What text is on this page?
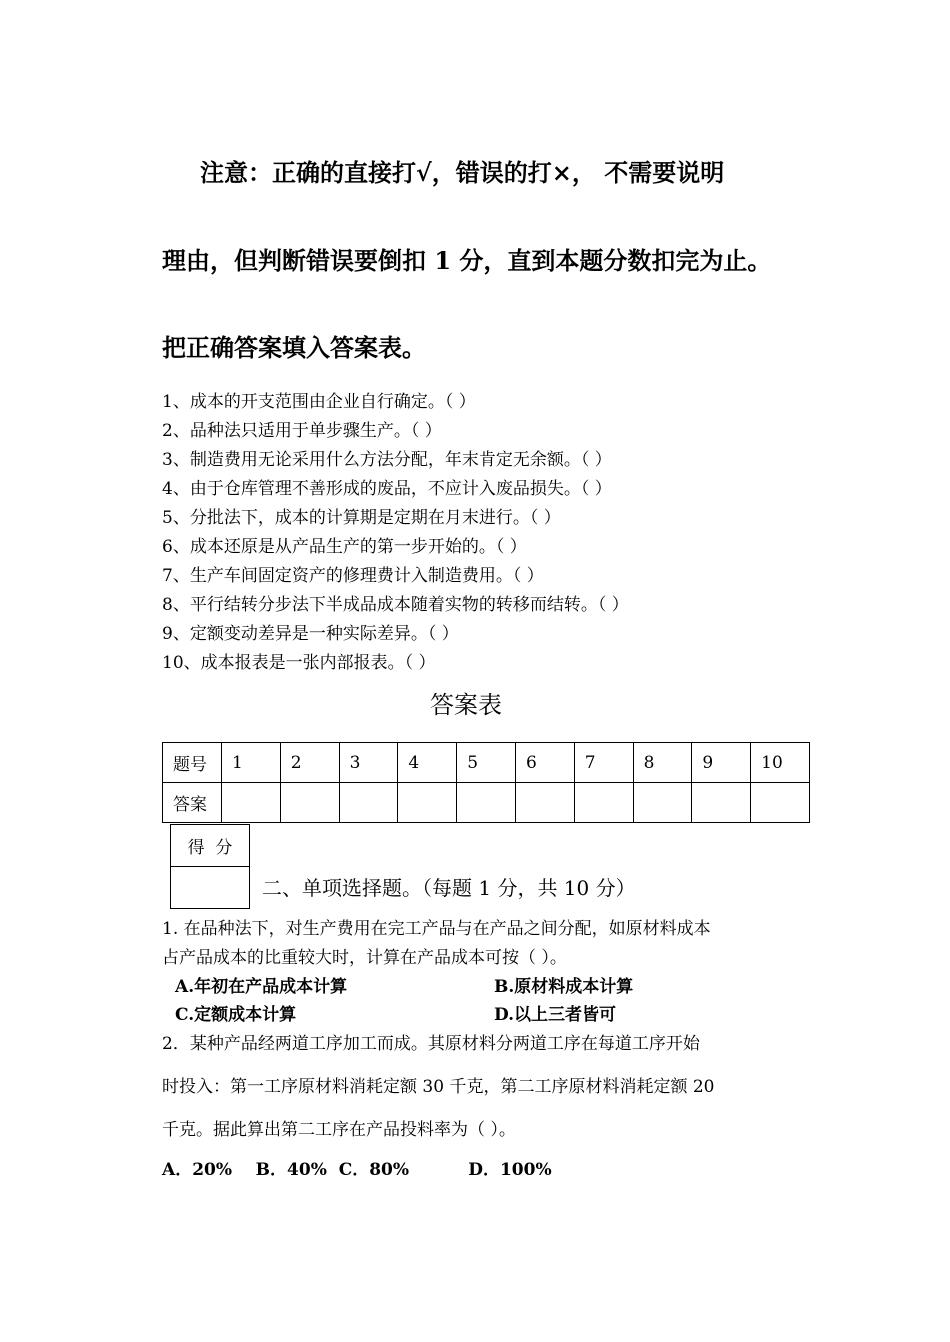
注意：正确的直接打√，错误的打×， 不需要说明
理由，但判断错误要倒扣 1 分，直到本题分数扣完为止。
把正确答案填入答案表。
1、成本的开支范围由企业自行确定。（ ）
2、品种法只适用于单步骤生产。（ ）
3、制造费用无论采用什么方法分配，年末肯定无余额。（ ）
4、由于仓库管理不善形成的废品，不应计入废品损失。（ ）
5、分批法下，成本的计算期是定期在月末进行。（ ）
6、成本还原是从产品生产的第一步开始的。（ ）
7、生产车间固定资产的修理费计入制造费用。（ ）
8、平行结转分步法下半成品成本随着实物的转移而结转。（ ）
9、定额变动差异是一种实际差异。（ ）
10、成本报表是一张内部报表。（ ）
答案表
题号	1	2	3	4	5	6	7	8	9	10
答案										
得  分

二、单项选择题。（每题 1 分，共 10 分）
1. 在品种法下，对生产费用在完工产品与在产品之间分配，如原材料成本
占产品成本的比重较大时，计算在产品成本可按（ ）。
A.年初在产品成本计算	B.原材料成本计算
C.定额成本计算	D.以上三者皆可
2．某种产品经两道工序加工而成。其原材料分两道工序在每道工序开始
时投入：第一工序原材料消耗定额 30 千克，第二工序原材料消耗定额 20
千克。据此算出第二工序在产品投料率为（ ）。
A．20%    B．40%  C．80%          D．100%
